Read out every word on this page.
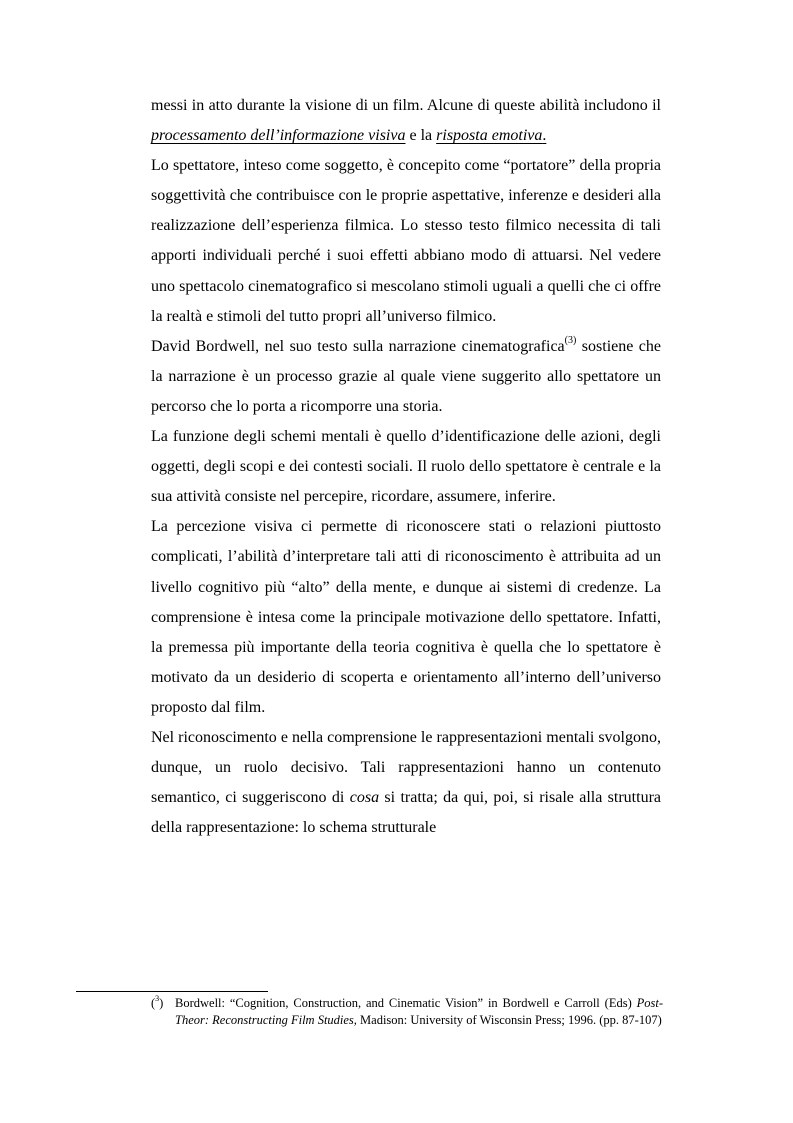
messi in atto durante la visione di un film. Alcune di queste abilità includono il processamento dell’informazione visiva e la risposta emotiva.

Lo spettatore, inteso come soggetto, è concepito come “portatore” della propria soggettività che contribuisce con le proprie aspettative, inferenze e desideri alla realizzazione dell’esperienza filmica. Lo stesso testo filmico necessita di tali apporti individuali perché i suoi effetti abbiano modo di attuarsi. Nel vedere uno spettacolo cinematografico si mescolano stimoli uguali a quelli che ci offre la realtà e stimoli del tutto propri all’universo filmico.

David Bordwell, nel suo testo sulla narrazione cinematografica$^{(3)}$ sostiene che la narrazione è un processo grazie al quale viene suggerito allo spettatore un percorso che lo porta a ricomporre una storia.

La funzione degli schemi mentali è quello d’identificazione delle azioni, degli oggetti, degli scopi e dei contesti sociali. Il ruolo dello spettatore è centrale e la sua attività consiste nel percepire, ricordare, assumere, inferire.

La percezione visiva ci permette di riconoscere stati o relazioni piuttosto complicati, l’abilità d’interpretare tali atti di riconoscimento è attribuita ad un livello cognitivo più “alto” della mente, e dunque ai sistemi di credenze. La comprensione è intesa come la principale motivazione dello spettatore. Infatti, la premessa più importante della teoria cognitiva è quella che lo spettatore è motivato da un desiderio di scoperta e orientamento all’interno dell’universo proposto dal film.

Nel riconoscimento e nella comprensione le rappresentazioni mentali svolgono, dunque, un ruolo decisivo. Tali rappresentazioni hanno un contenuto semantico, ci suggeriscono di cosa si tratta; da qui, poi, si risale alla struttura della rappresentazione: lo schema strutturale

($^3$) Bordwell: “Cognition, Construction, and Cinematic Vision” in Bordwell e Carroll (Eds) Post-Theor: Reconstructing Film Studies, Madison: University of Wisconsin Press; 1996. (pp. 87-107)
